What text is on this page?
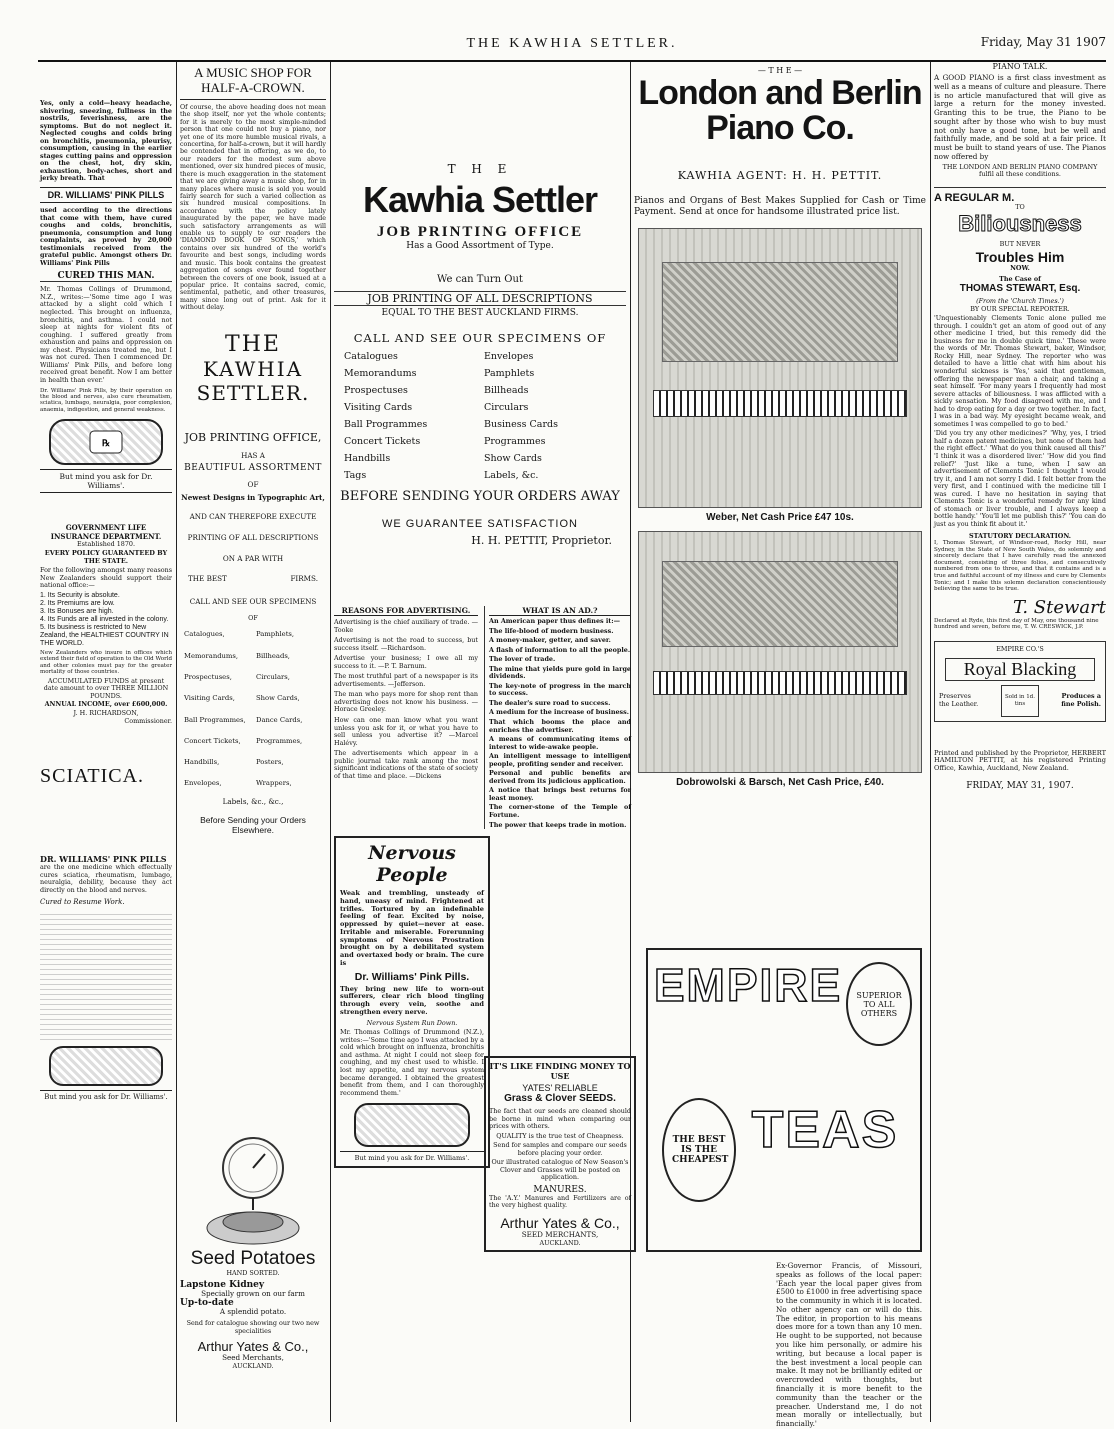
THE KAWHIA SETTLER.	Friday, May 31 1907
Yes, only a cold—heavy headache, shivering, sneezing, fullness in the nostrils, feverishness, are the symptoms. But do not neglect it. Neglected coughs and colds bring on bronchitis, pneumonia, pleurisy, consumption, causing in the earlier stages cutting pains and oppression on the chest, hot, dry skin, exhaustion, body-aches, short and jerky breath. That
DR. WILLIAMS' PINK PILLS
used according to the directions that come with them, have cured coughs and colds, bronchitis, pneumonia, consumption and lung complaints, as proved by 20,000 testimonials received from the grateful public. Amongst others Dr. Williams' Pink Pills
CURED THIS MAN.
Mr. Thomas Collings of Drummond, N.Z., writes:—'Some time ago I was attacked by a slight cold which I neglected. This brought on influenza, bronchitis, and asthma. I could not sleep at nights for violent fits of coughing. I suffered greatly from exhaustion and pains and oppression on my chest. Physicians treated me, but I was not cured. Then I commenced Dr. Williams' Pink Pills, and before long received great benefit. Now I am better in health than ever.'
Dr. Williams' Pink Pills, by their operation on the blood and nerves, also cure rheumatism, sciatica, lumbago, neuralgia, poor complexion, anaemia, indigestion, and general weakness.
℞
But mind you ask for Dr. Williams'.
GOVERNMENT LIFE INSURANCE DEPARTMENT.
Established 1870.
EVERY POLICY GUARANTEED BY THE STATE.
For the following amongst many reasons New Zealanders should support their national office:—
1. Its Security is absolute.
2. Its Premiums are low.
3. Its Bonuses are high.
4. Its Funds are all invested in the colony.
5. Its business is restricted to New Zealand, the HEALTHIEST COUNTRY IN THE WORLD.
New Zealanders who insure in offices which extend their field of operation to the Old World and other colonies must pay for the greater mortality of those countries.
ACCUMULATED FUNDS at present date amount to over THREE MILLION POUNDS.
ANNUAL INCOME, over £600,000.
J. H. RICHARDSON,
Commissioner.
SCIATICA.
DR. WILLIAMS' PINK PILLS
are the one medicine which effectually cures sciatica, rheumatism, lumbago, neuralgia, debility, because they act directly on the blood and nerves.
Cured to Resume Work.
But mind you ask for Dr. Williams'.
A MUSIC SHOP FOR HALF-A-CROWN.
Of course, the above heading does not mean the shop itself, nor yet the whole contents; for it is merely to the most simple-minded person that one could not buy a piano, nor yet one of its more humble musical rivals, a concertina, for half-a-crown, but it will hardly be contended that in offering, as we do, to our readers for the modest sum above mentioned, over six hundred pieces of music, there is much exaggeration in the statement that we are giving away a music shop, for in many places where music is sold you would fairly search for such a varied collection as six hundred musical compositions. In accordance with the policy lately inaugurated by the paper, we have made such satisfactory arrangements as will enable us to supply to our readers the 'DIAMOND BOOK OF SONGS,' which contains over six hundred of the world's favourite and best songs, including words and music. This book contains the greatest aggregation of songs ever found together between the covers of one book, issued at a popular price. It contains sacred, comic, sentimental, pathetic, and other treasures, many since long out of print. Ask for it without delay.
THE
KAWHIA
SETTLER.
JOB PRINTING OFFICE,
HAS A
BEAUTIFUL ASSORTMENT
OF
Newest Designs in Typographic Art,
AND CAN THEREFORE EXECUTE
PRINTING OF ALL DESCRIPTIONS
ON A PAR WITH
THE BEST	FIRMS.
CALL AND SEE OUR SPECIMENS
OF
Catalogues,	Pamphlets,
Memorandums,	Billheads,
Prospectuses,	Circulars,
Visiting Cards,	Show Cards,
Ball Programmes,	Dance Cards,
Concert Tickets,	Programmes,
Handbills,	Posters,
Envelopes,	Wrappers,
Labels, &c., &c.,
Before Sending your Orders Elsewhere.
Seed Potatoes
HAND SORTED.
Lapstone Kidney
Specially grown on our farm
Up-to-date
A splendid potato.
Send for catalogue showing our two new specialities
Arthur Yates & Co.,
Seed Merchants,
AUCKLAND.
T H E
Kawhia Settler
JOB PRINTING OFFICE
Has a Good Assortment of Type.
We can Turn Out
JOB PRINTING OF ALL DESCRIPTIONS
EQUAL TO THE BEST AUCKLAND FIRMS.
CALL AND SEE OUR SPECIMENS OF
Catalogues	Envelopes
Memorandums	Pamphlets
Prospectuses	Billheads
Visiting Cards	Circulars
Ball Programmes	Business Cards
Concert Tickets	Programmes
Handbills	Show Cards
Tags	Labels, &c.
BEFORE SENDING YOUR ORDERS AWAY
WE GUARANTEE SATISFACTION
H. H. PETTIT, Proprietor.
REASONS FOR ADVERTISING.
Advertising is the chief auxiliary of trade. —Tooke
Advertising is not the road to success, but success itself. —Richardson.
Advertise your business; I owe all my success to it. —P. T. Barnum.
The most truthful part of a newspaper is its advertisements. —Jefferson.
The man who pays more for shop rent than advertising does not know his business. —Horace Greeley.
How can one man know what you want unless you ask for it, or what you have to sell unless you advertise it? —Marcel Halévy.
The advertisements which appear in a public journal take rank among the most significant indications of the state of society of that time and place. —Dickens
WHAT IS AN AD.?
An American paper thus defines it:—
The life-blood of modern business.
A money-maker, getter, and saver.
A flash of information to all the people.
The lover of trade.
The mine that yields pure gold in large dividends.
The key-note of progress in the march to success.
The dealer's sure road to success.
A medium for the increase of business.
That which booms the place and enriches the advertiser.
A means of communicating items of interest to wide-awake people.
An intelligent message to intelligent people, profiting sender and receiver.
Personal and public benefits are derived from its judicious application.
A notice that brings best returns for least money.
The corner-stone of the Temple of Fortune.
The power that keeps trade in motion.
Nervous People
Weak and trembling, unsteady of hand, uneasy of mind. Frightened at trifles. Tortured by an indefinable feeling of fear. Excited by noise, oppressed by quiet—never at ease. Irritable and miserable. Forerunning symptoms of Nervous Prostration brought on by a debilitated system and overtaxed body or brain. The cure is
Dr. Williams' Pink Pills.
They bring new life to worn-out sufferers, clear rich blood tingling through every vein, soothe and strengthen every nerve.
Nervous System Run Down.
Mr. Thomas Collings of Drummond (N.Z.), writes:—'Some time ago I was attacked by a cold which brought on influenza, bronchitis and asthma. At night I could not sleep for coughing, and my chest used to whistle. I lost my appetite, and my nervous system became deranged. I obtained the greatest benefit from them, and I can thoroughly recommend them.'
But mind you ask for Dr. Williams'.
IT'S LIKE FINDING MONEY TO USE
YATES' RELIABLE
Grass & Clover SEEDS.
The fact that our seeds are cleaned should be borne in mind when comparing our prices with others.
QUALITY is the true test of Cheapness.
Send for samples and compare our seeds before placing your order.
Our illustrated catalogue of New Season's Clover and Grasses will be posted on application.
MANURES.
The 'A.Y.' Manures and Fertilizers are of the very highest quality.
Arthur Yates & Co.,
SEED MERCHANTS,
AUCKLAND.
— T H E —
London and Berlin
Piano Co.
KAWHIA AGENT: H. H. PETTIT.
Pianos and Organs of Best Makes Supplied for Cash or Time Payment. Send at once for handsome illustrated price list.
Weber, Net Cash Price £47 10s.
Dobrowolski & Barsch, Net Cash Price, £40.
EMPIRE	SUPERIOR TO ALL OTHERS
THE BEST IS THE CHEAPEST
TEAS
Ex-Governor Francis, of Missouri, speaks as follows of the local paper: 'Each year the local paper gives from £500 to £1000 in free advertising space to the community in which it is located. No other agency can or will do this. The editor, in proportion to his means does more for a town than any 10 men. He ought to be supported, not because you like him personally, or admire his writing, but because a local paper is the best investment a local people can make. It may not be brilliantly edited or overcrowded with thoughts, but financially it is more benefit to the community than the teacher or the preacher. Understand me, I do not mean morally or intellectually, but financially.'
PIANO TALK.
A GOOD PIANO is a first class investment as well as a means of culture and pleasure. There is no article manufactured that will give as large a return for the money invested. Granting this to be true, the Piano to be sought after by those who wish to buy must not only have a good tone, but be well and faithfully made, and be sold at a fair price. It must be built to stand years of use. The Pianos now offered by
THE LONDON AND BERLIN PIANO COMPANY
fulfil all these conditions.
A REGULAR M.
TO
Biliousness
BUT NEVER
Troubles Him
NOW.
The Case of
THOMAS STEWART, Esq.
(From the 'Church Times.')
BY OUR SPECIAL REPORTER.
'Unquestionably Clements Tonic alone pulled me through. I couldn't get an atom of good out of any other medicine I tried, but this remedy did the business for me in double quick time.' These were the words of Mr. Thomas Stewart, baker, Windsor, Rocky Hill, near Sydney. The reporter who was detailed to have a little chat with him about his wonderful sickness is 'Yes,' said that gentleman, offering the newspaper man a chair, and taking a seat himself. 'For many years I frequently had most severe attacks of biliousness. I was afflicted with a sickly sensation. My food disagreed with me, and I had to drop eating for a day or two together. In fact, I was in a bad way. My eyesight became weak, and sometimes I was compelled to go to bed.'
'Did you try any other medicines?' 'Why, yes, I tried half a dozen patent medicines, but none of them had the right effect.' 'What do you think caused all this?' 'I think it was a disordered liver.' 'How did you find relief?' 'Just like a tune, when I saw an advertisement of Clements Tonic I thought I would try it, and I am not sorry I did. I felt better from the very first, and I continued with the medicine till I was cured. I have no hesitation in saying that Clements Tonic is a wonderful remedy for any kind of stomach or liver trouble, and I always keep a bottle handy.' 'You'll let me publish this?' 'You can do just as you think fit about it.'
STATUTORY DECLARATION.
I, Thomas Stewart, of Windsor-road, Rocky Hill, near Sydney, in the State of New South Wales, do solemnly and sincerely declare that I have carefully read the annexed document, consisting of three folios, and consecutively numbered from one to three, and that it contains and is a true and faithful account of my illness and cure by Clements Tonic; and I make this solemn declaration conscientiously believing the same to be true.
T. Stewart
Declared at Ryde, this first day of May, one thousand nine hundred and seven, before me, T. W. CRESWICK, J.P.
EMPIRE CO.'S
Royal Blacking
Preserves the Leather.
Sold in 1d. tins
Produces a fine Polish.
Printed and published by the Proprietor, HERBERT HAMILTON PETTIT, at his registered Printing Office, Kawhia, Auckland, New Zealand.
FRIDAY, MAY 31, 1907.
